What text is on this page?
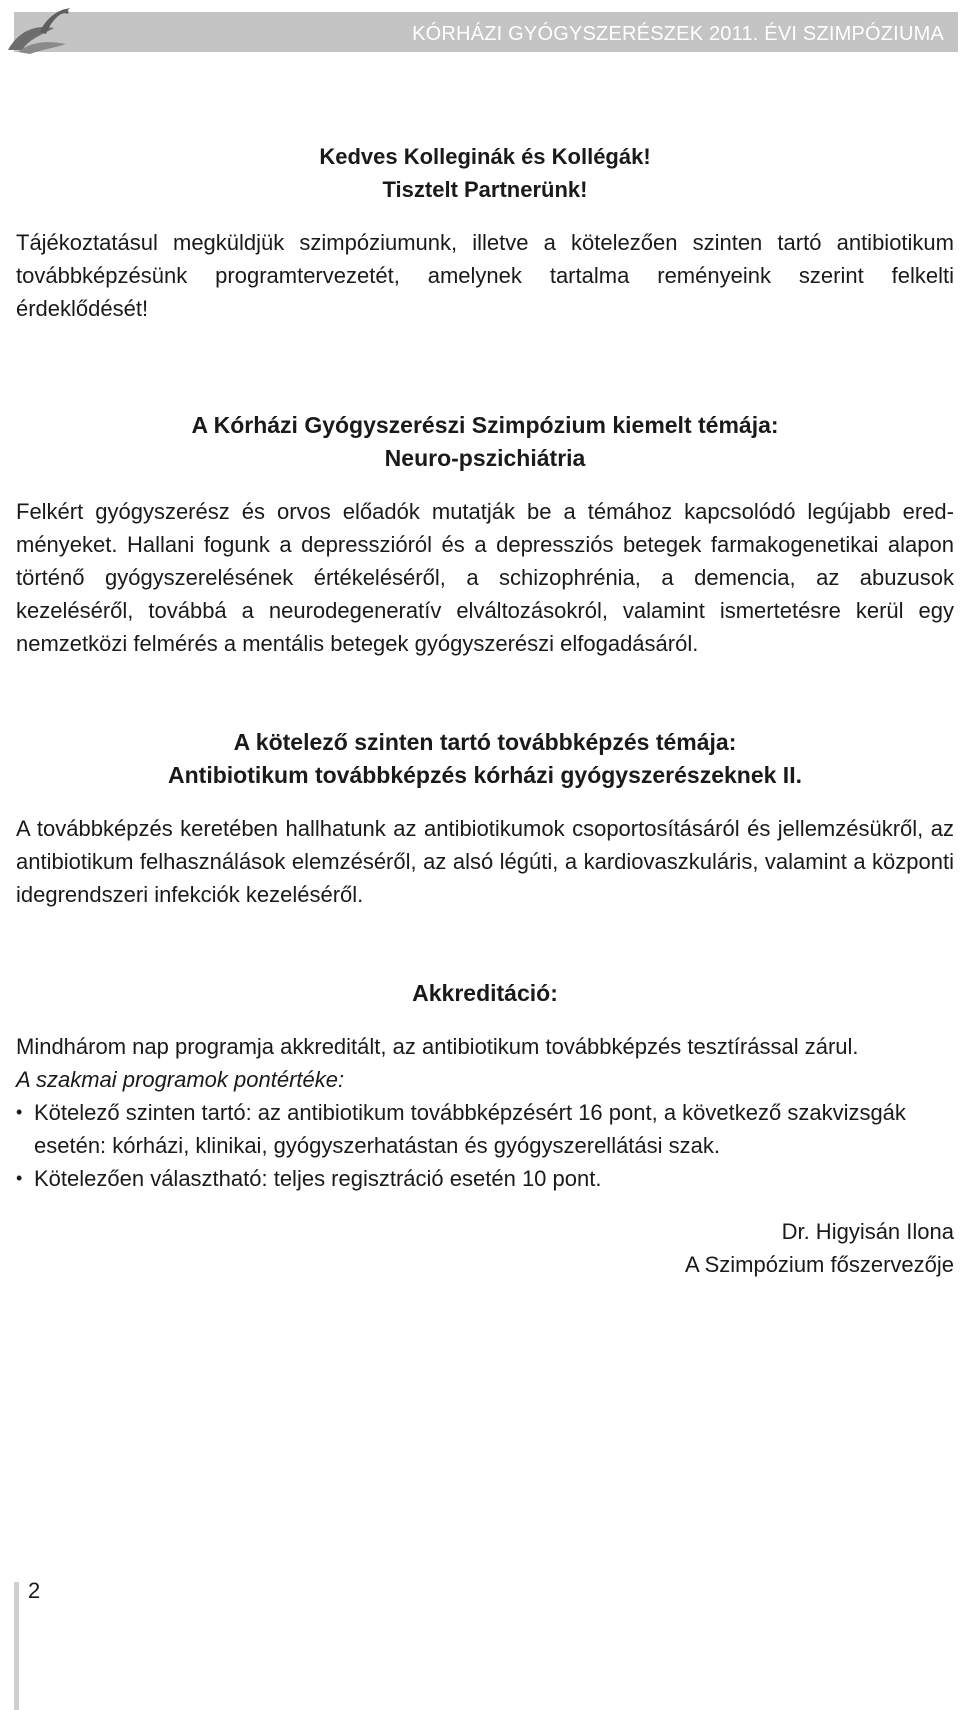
KÓRHÁZI GYÓGYSZERÉSZEK 2011. ÉVI SZIMPÓZIUMA

Kedves Kolleginák és Kollégák!

Tisztelt Partnerünk!

Tájékoztatásul megküldjük szimpóziumunk, illetve a kötelezően szinten tartó antibiotikum továbbképzésünk programtervezetét, amelynek tartalma reményeink szerint felkelti érdeklődését!

A Kórházi Gyógyszerészi Szimpózium kiemelt témája:

Neuro-pszichiátria

Felkért gyógyszerész és orvos előadók mutatják be a témához kapcsolódó legújabb eredményeket. Hallani fogunk a depresszióról és a depressziós betegek farmakogenetikai alapon történő gyógyszerelésének értékeléséről, a schizophrénia, a demencia, az abuzusok kezeléséről, továbbá a neurodegeneratív elváltozásokról, valamint ismertetésre kerül egy nemzetközi felmérés a mentális betegek gyógyszerészi elfogadásáról.

A kötelező szinten tartó továbbképzés témája:

Antibiotikum továbbképzés kórházi gyógyszerészeknek II.

A továbbképzés keretében hallhatunk az antibiotikumok csoportosításáról és jellemzésükről, az antibiotikum felhasználások elemzéséről, az alsó légúti, a kardiovaszkuláris, valamint a központi idegrendszeri infekciók kezeléséről.

Akkreditáció:

Mindhárom nap programja akkreditált, az antibiotikum továbbképzés tesztírással zárul.

A szakmai programok pontértéke:

• Kötelező szinten tartó: az antibiotikum továbbképzésért 16 pont, a következő szakvizsgák esetén: kórházi, klinikai, gyógyszerhatástan és gyógyszerellátási szak.
• Kötelezően választható: teljes regisztráció esetén 10 pont.

Dr. Higyisán Ilona

A Szimpózium főszervezője

2
